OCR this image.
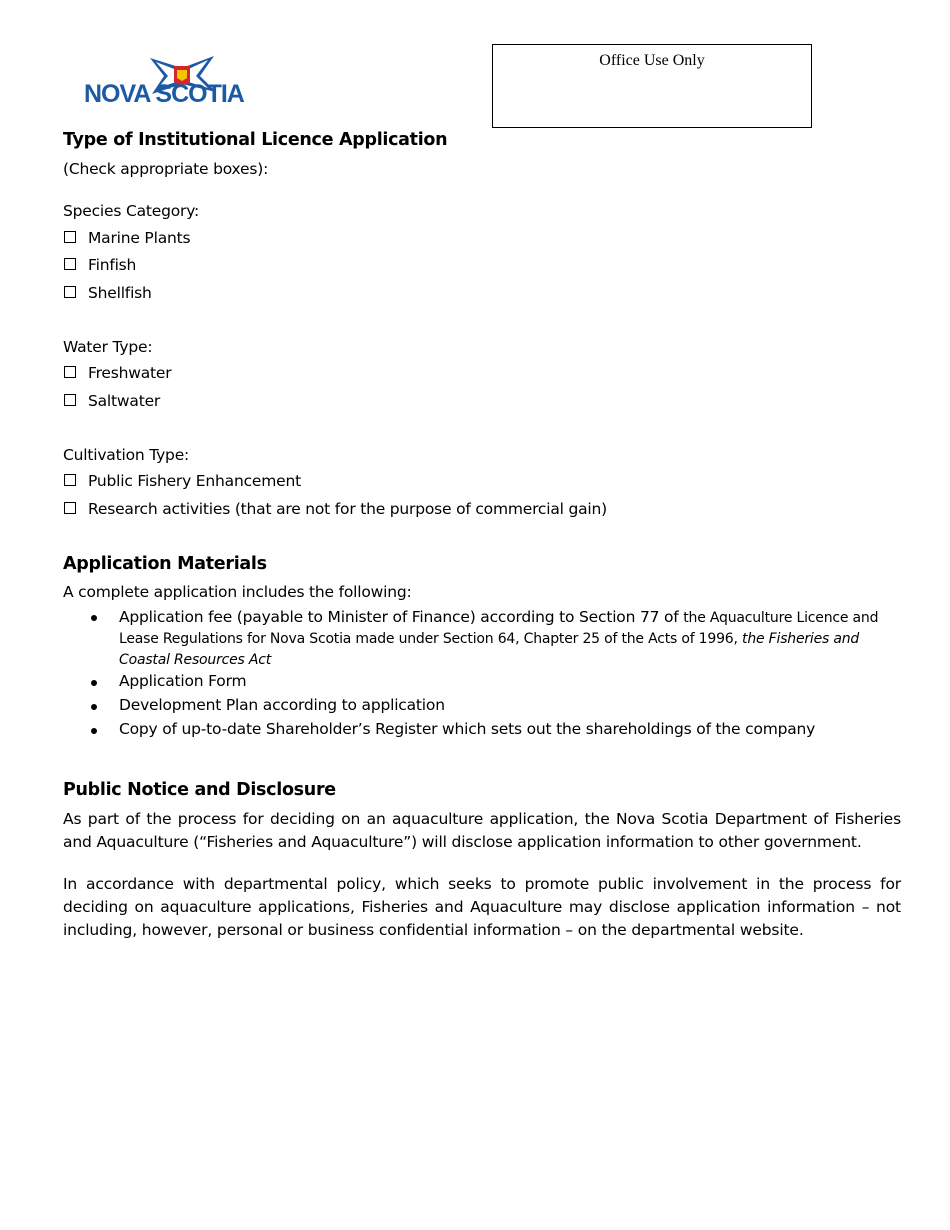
NOVA SCOTIA
Office Use Only
Type of Institutional Licence Application
(Check appropriate boxes):
Species Category:
Marine Plants
Finfish
Shellfish
Water Type:
Freshwater
Saltwater
Cultivation Type:
Public Fishery Enhancement
Research activities (that are not for the purpose of commercial gain)
Application Materials
A complete application includes the following:
Application fee (payable to Minister of Finance) according to Section 77 of the Aquaculture Licence and
Lease Regulations for Nova Scotia made under Section 64, Chapter 25 of the Acts of 1996, the Fisheries and
Coastal Resources Act
Application Form
Development Plan according to application
Copy of up-to-date Shareholder’s Register which sets out the shareholdings of the company
Public Notice and Disclosure
As part of the process for deciding on an aquaculture application, the Nova Scotia Department of Fisheries and Aquaculture (“Fisheries and Aquaculture”) will disclose application information to other government.
In accordance with departmental policy, which seeks to promote public involvement in the process for deciding on aquaculture applications, Fisheries and Aquaculture may disclose application information – not including, however, personal or business confidential information – on the departmental website.
